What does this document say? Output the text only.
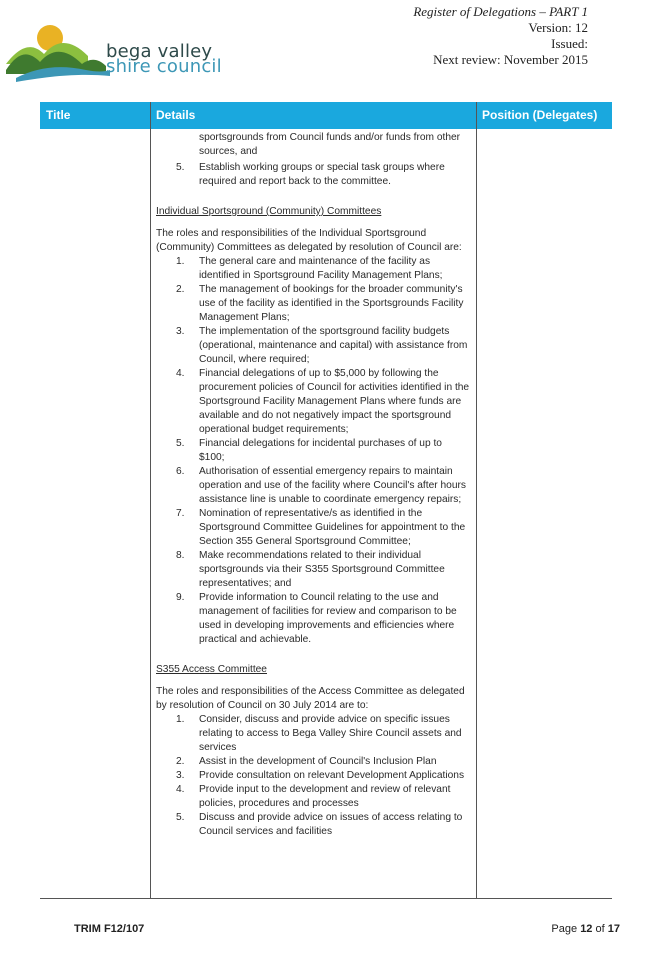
bega valley
shire council
Register of Delegations – PART 1
Version: 12
Issued:
Next review: November 2015
Title	Details	Position (Delegates)
sportsgrounds from Council funds and/or funds from other sources, and
5. Establish working groups or special task groups where required and report back to the committee.

Individual Sportsground (Community) Committees

The roles and responsibilities of the Individual Sportsground (Community) Committees as delegated by resolution of Council are:

1. The general care and maintenance of the facility as identified in Sportsground Facility Management Plans;
2. The management of bookings for the broader community's use of the facility as identified in the Sportsgrounds Facility Management Plans;
3. The implementation of the sportsground facility budgets (operational, maintenance and capital) with assistance from Council, where required;
4. Financial delegations of up to $5,000 by following the procurement policies of Council for activities identified in the Sportsground Facility Management Plans where funds are available and do not negatively impact the sportsground operational budget requirements;
5. Financial delegations for incidental purchases of up to $100;
6. Authorisation of essential emergency repairs to maintain operation and use of the facility where Council's after hours assistance line is unable to coordinate emergency repairs;
7. Nomination of representative/s as identified in the Sportsground Committee Guidelines for appointment to the Section 355 General Sportsground Committee;
8. Make recommendations related to their individual sportsgrounds via their S355 Sportsground Committee representatives; and
9. Provide information to Council relating to the use and management of facilities for review and comparison to be used in developing improvements and efficiencies where practical and achievable.

S355 Access Committee

The roles and responsibilities of the Access Committee as delegated by resolution of Council on 30 July 2014 are to:

1. Consider, discuss and provide advice on specific issues relating to access to Bega Valley Shire Council assets and services
2. Assist in the development of Council's Inclusion Plan
3. Provide consultation on relevant Development Applications
4. Provide input to the development and review of relevant policies, procedures and processes
5. Discuss and provide advice on issues of access relating to Council services and facilities
TRIM F12/107	Page 12 of 17
